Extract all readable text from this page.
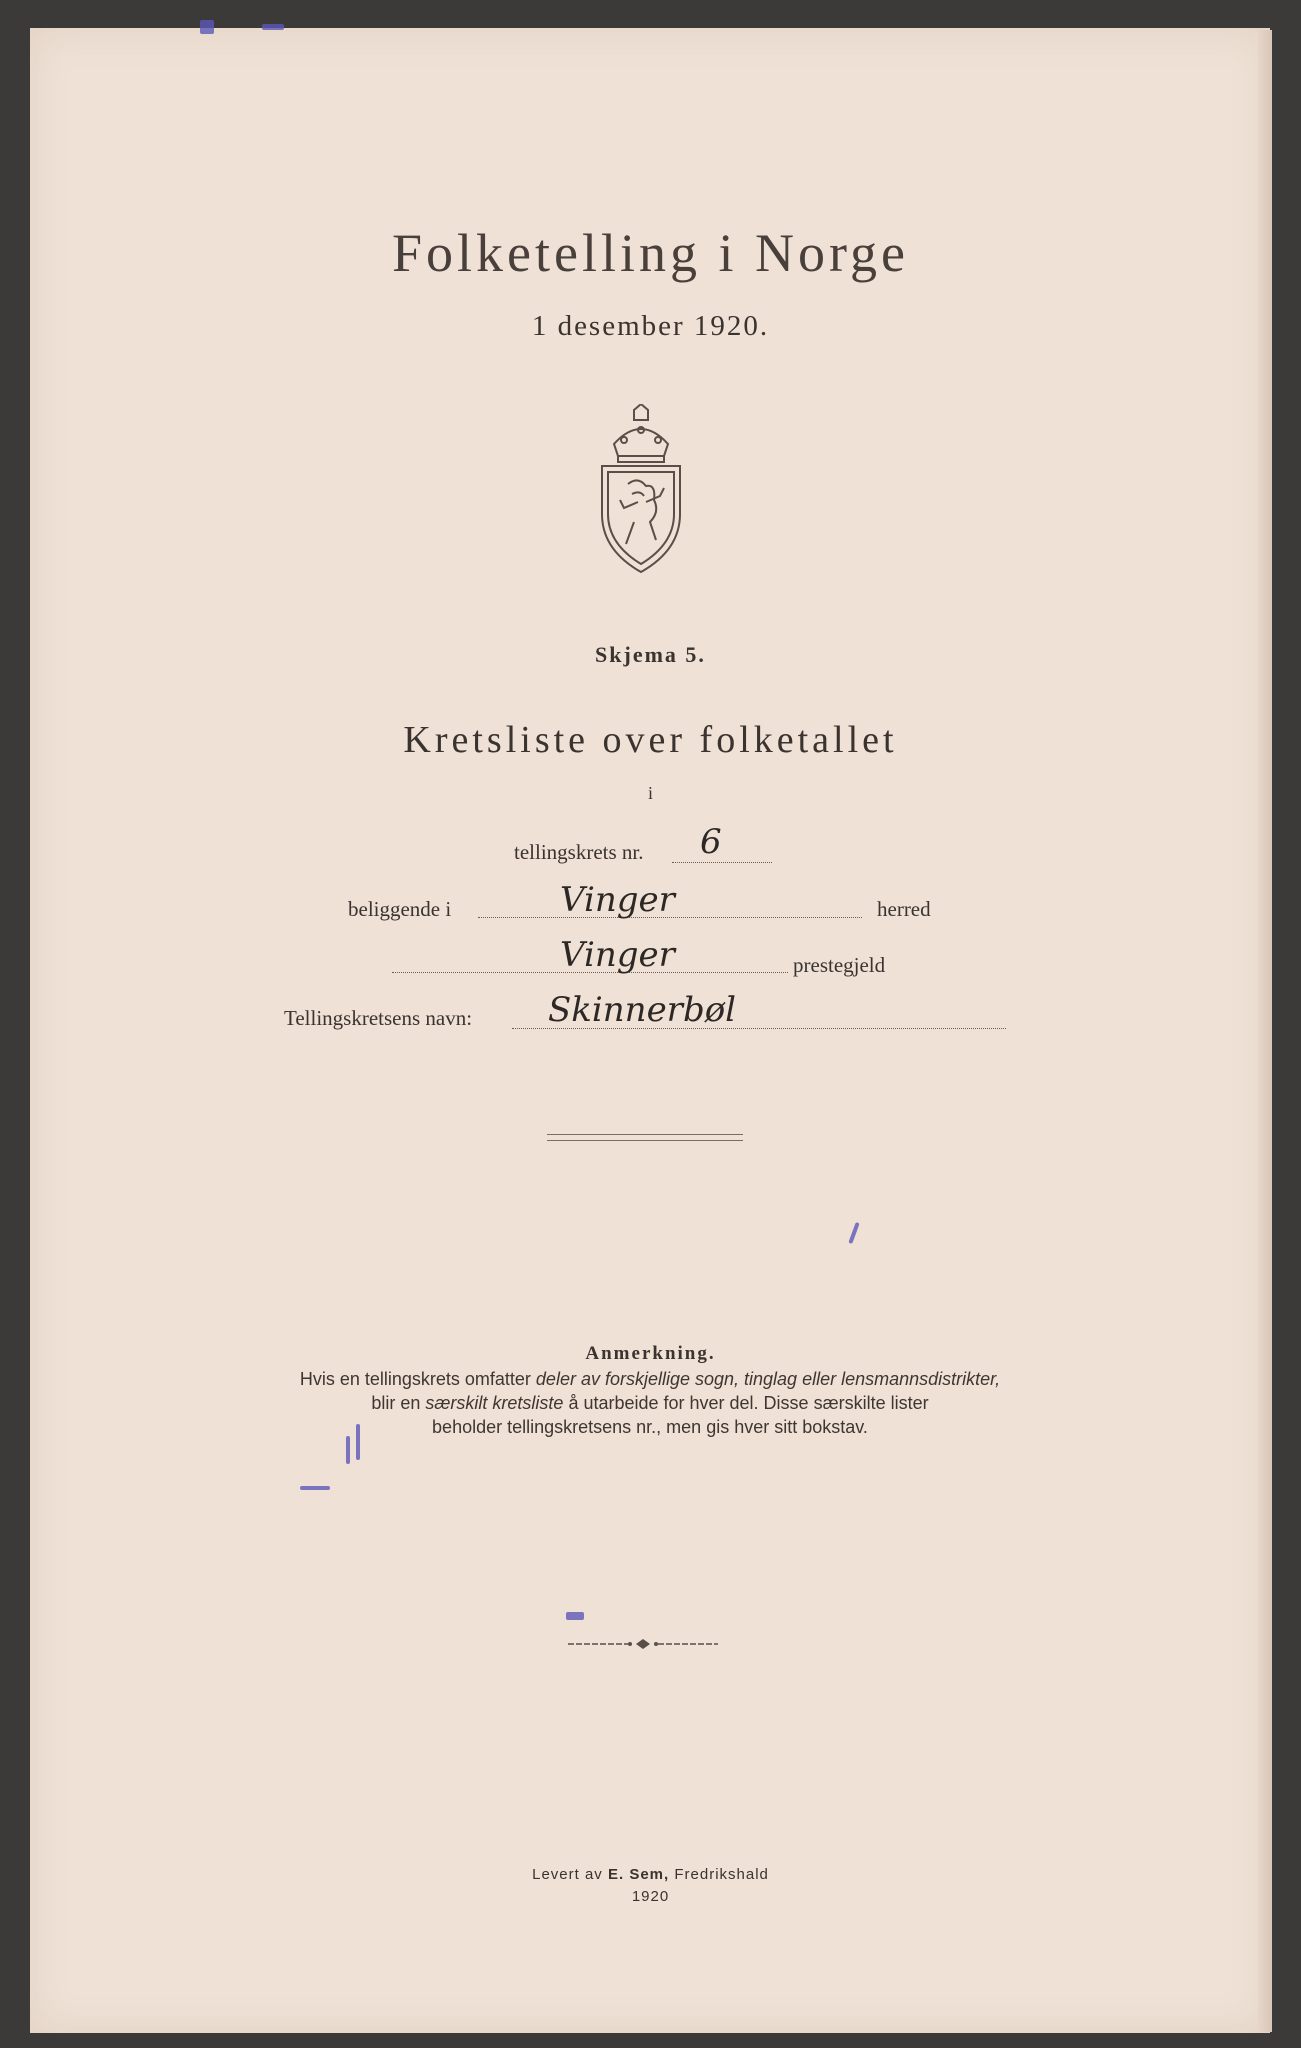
Folketelling i Norge
1 desember 1920.
Skjema 5.
Kretsliste over folketallet
i
tellingskrets nr. 6
beliggende i	Vinger	herred
Vinger	prestegjeld
Tellingskretsens navn: Skinnerbøl
Anmerkning.
Hvis en tellingskrets omfatter deler av forskjellige sogn, tinglag eller lensmannsdistrikter,
blir en særskilt kretsliste å utarbeide for hver del. Disse særskilte lister
beholder tellingskretsens nr., men gis hver sitt bokstav.
Levert av E. Sem, Fredrikshald
1920
